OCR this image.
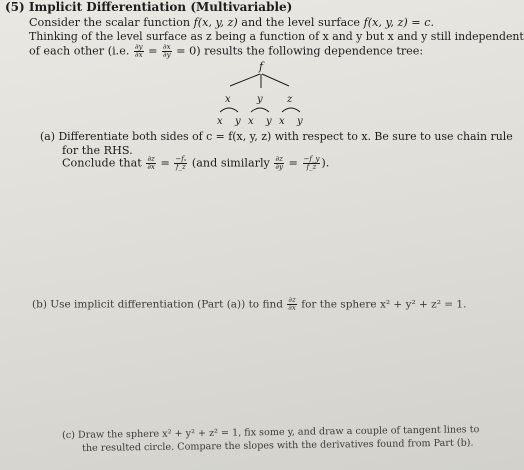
(5) Implicit Differentiation (Multivariable)
Consider the scalar function f(x, y, z) and the level surface f(x, y, z) = c.
Thinking of the level surface as z being a function of x and y but x and y still independent
of each other (i.e. $\frac{\partial y}{\partial x} = \frac{\partial x}{\partial y} = 0$) results the following dependence tree:
f
x	y z
x y x y x y
(a) Differentiate both sides of c = f(x, y, z) with respect to x. Be sure to use chain rule
for the RHS.
Conclude that $\frac{\partial z}{\partial x} = \frac{\text{−fₓ}}{f\_z} (and$ similarly $\frac{\partial z}{\partial y} = \frac{-f\_y}{f\_z}$ ).
(b) Use implicit differentiation (Part (a)) to find $\frac{\partial z}{\partial x}$ for the sphere x² + y² + z² = 1.
(c) Draw the sphere x² + y² + z² = 1, fix some y, and draw a couple of tangent lines to
the resulted circle. Compare the slopes with the derivatives found from Part (b).
